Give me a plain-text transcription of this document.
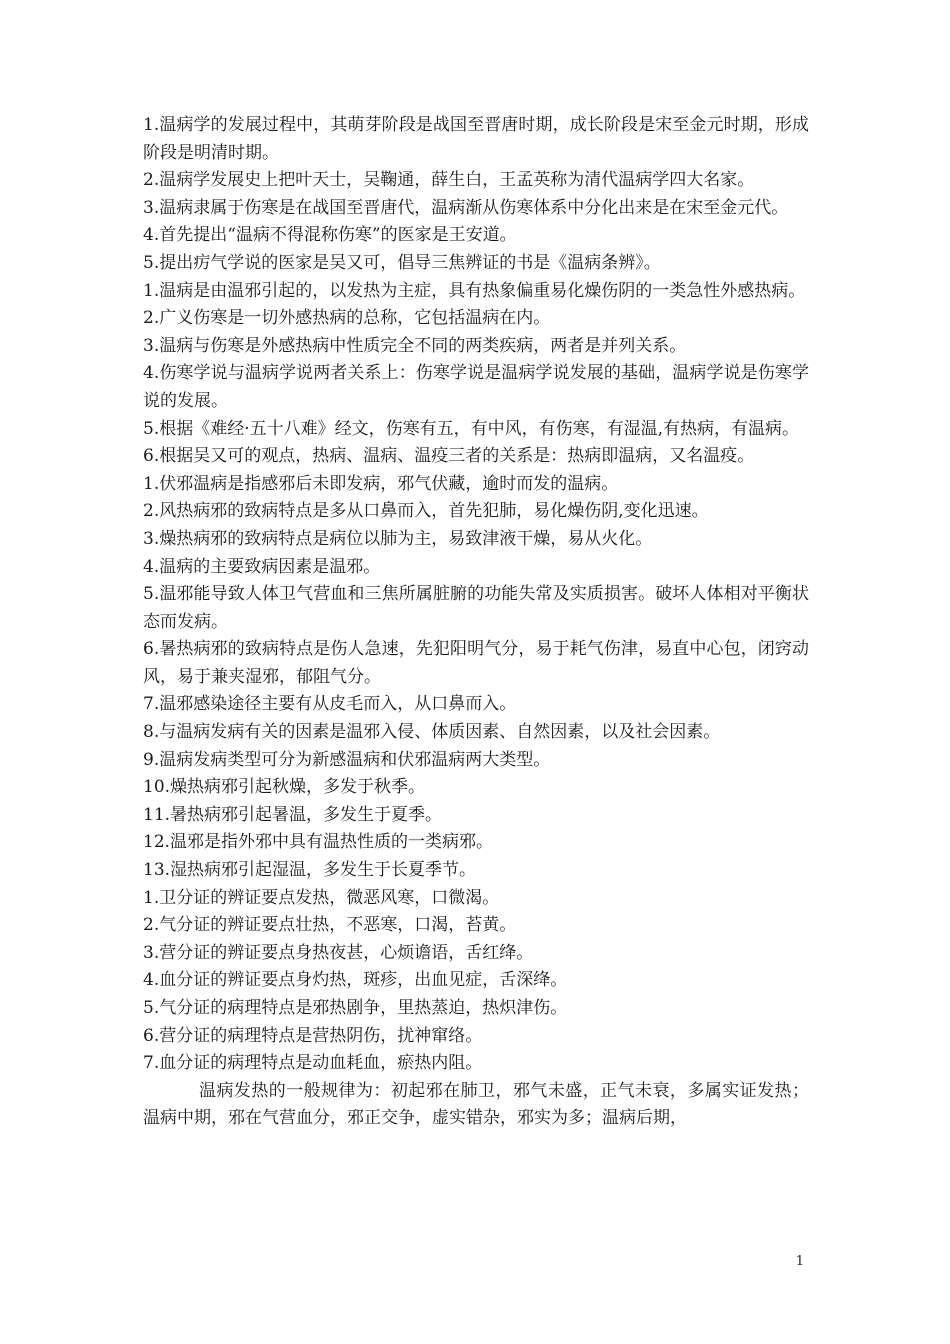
1.温病学的发展过程中，其萌芽阶段是战国至晋唐时期，成长阶段是宋至金元时期，形成阶段是明清时期。

2.温病学发展史上把叶天士，吴鞠通，薛生白，王孟英称为清代温病学四大名家。

3.温病隶属于伤寒是在战国至晋唐代，温病渐从伤寒体系中分化出来是在宋至金元代。

4.首先提出“温病不得混称伤寒”的医家是王安道。

5.提出疠气学说的医家是吴又可，倡导三焦辨证的书是《温病条辨》。

1.温病是由温邪引起的，以发热为主症，具有热象偏重易化燥伤阴的一类急性外感热病。

2.广义伤寒是一切外感热病的总称，它包括温病在内。

3.温病与伤寒是外感热病中性质完全不同的两类疾病，两者是并列关系。

4.伤寒学说与温病学说两者关系上：伤寒学说是温病学说发展的基础，温病学说是伤寒学说的发展。

5.根据《难经·五十八难》经文，伤寒有五，有中风，有伤寒，有湿温,有热病，有温病。

6.根据吴又可的观点，热病、温病、温疫三者的关系是：热病即温病，又名温疫。

1.伏邪温病是指感邪后未即发病，邪气伏藏，逾时而发的温病。

2.风热病邪的致病特点是多从口鼻而入，首先犯肺，易化燥伤阴,变化迅速。

3.燥热病邪的致病特点是病位以肺为主，易致津液干燥，易从火化。

4.温病的主要致病因素是温邪。

5.温邪能导致人体卫气营血和三焦所属脏腑的功能失常及实质损害。破坏人体相对平衡状态而发病。

6.暑热病邪的致病特点是伤人急速，先犯阳明气分，易于耗气伤津，易直中心包，闭窍动风，易于兼夹湿邪，郁阻气分。

7.温邪感染途径主要有从皮毛而入，从口鼻而入。

8.与温病发病有关的因素是温邪入侵、体质因素、自然因素，以及社会因素。

9.温病发病类型可分为新感温病和伏邪温病两大类型。

10.燥热病邪引起秋燥，多发于秋季。

11.暑热病邪引起暑温，多发生于夏季。

12.温邪是指外邪中具有温热性质的一类病邪。

13.湿热病邪引起湿温，多发生于长夏季节。

1.卫分证的辨证要点发热，微恶风寒，口微渴。

2.气分证的辨证要点壮热，不恶寒，口渴，苔黄。

3.营分证的辨证要点身热夜甚，心烦谵语，舌红绛。

4.血分证的辨证要点身灼热，斑疹，出血见症，舌深绛。

5.气分证的病理特点是邪热剧争，里热蒸迫，热炽津伤。

6.营分证的病理特点是营热阴伤，扰神窜络。

7.血分证的病理特点是动血耗血，瘀热内阻。

温病发热的一般规律为：初起邪在肺卫，邪气未盛，正气未衰，多属实证发热；温病中期，邪在气营血分，邪正交争，虚实错杂，邪实为多；温病后期，

1
